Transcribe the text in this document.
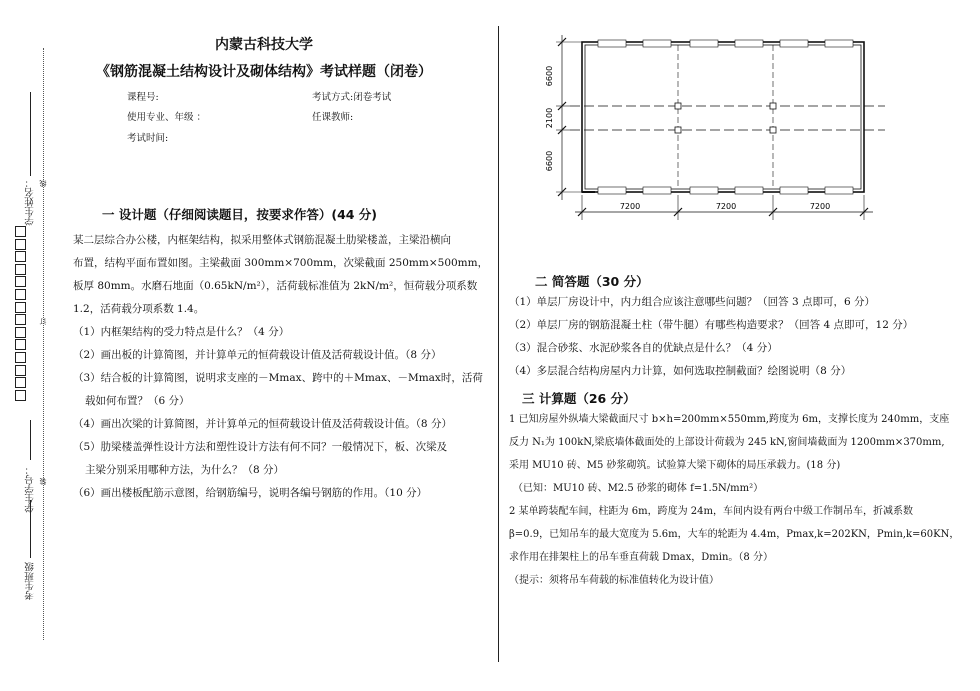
学生姓名： 线
订
学生学号： 装
考生班级
内蒙古科技大学
《钢筋混凝土结构设计及砌体结构》考试样题（闭卷）
课程号:	考试方式:闭卷考试
使用专业、年级 ：	任课教师:
考试时间:
一 设计题（仔细阅读题目，按要求作答）(44 分)

某二层综合办公楼，内框架结构，拟采用整体式钢筋混凝土肋梁楼盖，主梁沿横向

布置，结构平面布置如图。主梁截面 300mm×700mm，次梁截面 250mm×500mm，

板厚 80mm。水磨石地面（0.65kN/m²），活荷载标准值为 2kN/m²，恒荷载分项系数

1.2，活荷载分项系数 1.4。

（1）内框架结构的受力特点是什么？（4 分）

（2）画出板的计算简图，并计算单元的恒荷载设计值及活荷载设计值。（8 分）

（3）结合板的计算简图，说明求支座的－Mmax、跨中的＋Mmax、－Mmax时，活荷

载如何布置？（6 分）

（4）画出次梁的计算简图，并计算单元的恒荷载设计值及活荷载设计值。（8 分）

（5）肋梁楼盖弹性设计方法和塑性设计方法有何不同？一般情况下，板、次梁及

主梁分别采用哪种方法，为什么？（8 分）

（6）画出楼板配筋示意图，给钢筋编号，说明各编号钢筋的作用。（10 分）

6600
2100
6600
7200	7200	7200
二 简答题（30 分）

（1）单层厂房设计中，内力组合应该注意哪些问题？（回答 3 点即可，6 分）

（2）单层厂房的钢筋混凝土柱（带牛腿）有哪些构造要求？（回答 4 点即可，12 分）

（3）混合砂浆、水泥砂浆各自的优缺点是什么？（4 分）

（4）多层混合结构房屋内力计算，如何选取控制截面？绘图说明（8 分）

三 计算题（26 分）

1 已知房屋外纵墙大梁截面尺寸 b×h=200mm×550mm,跨度为 6m，支撑长度为 240mm，支座

反力 N₁为 100kN,梁底墙体截面处的上部设计荷载为 245 kN,窗间墙截面为 1200mm×370mm,

采用 MU10 砖、M5 砂浆砌筑。试验算大梁下砌体的局压承载力。(18 分)

（已知：MU10 砖、M2.5 砂浆的砌体 f=1.5N/mm²）

2 某单跨装配车间，柱距为 6m，跨度为 24m，车间内设有两台中级工作制吊车，折减系数

β=0.9，已知吊车的最大宽度为 5.6m，大车的轮距为 4.4m，Pmax,k=202KN，Pmin,k=60KN，

求作用在排架柱上的吊车垂直荷载 Dmax，Dmin。（8 分）

（提示：须将吊车荷载的标准值转化为设计值）
